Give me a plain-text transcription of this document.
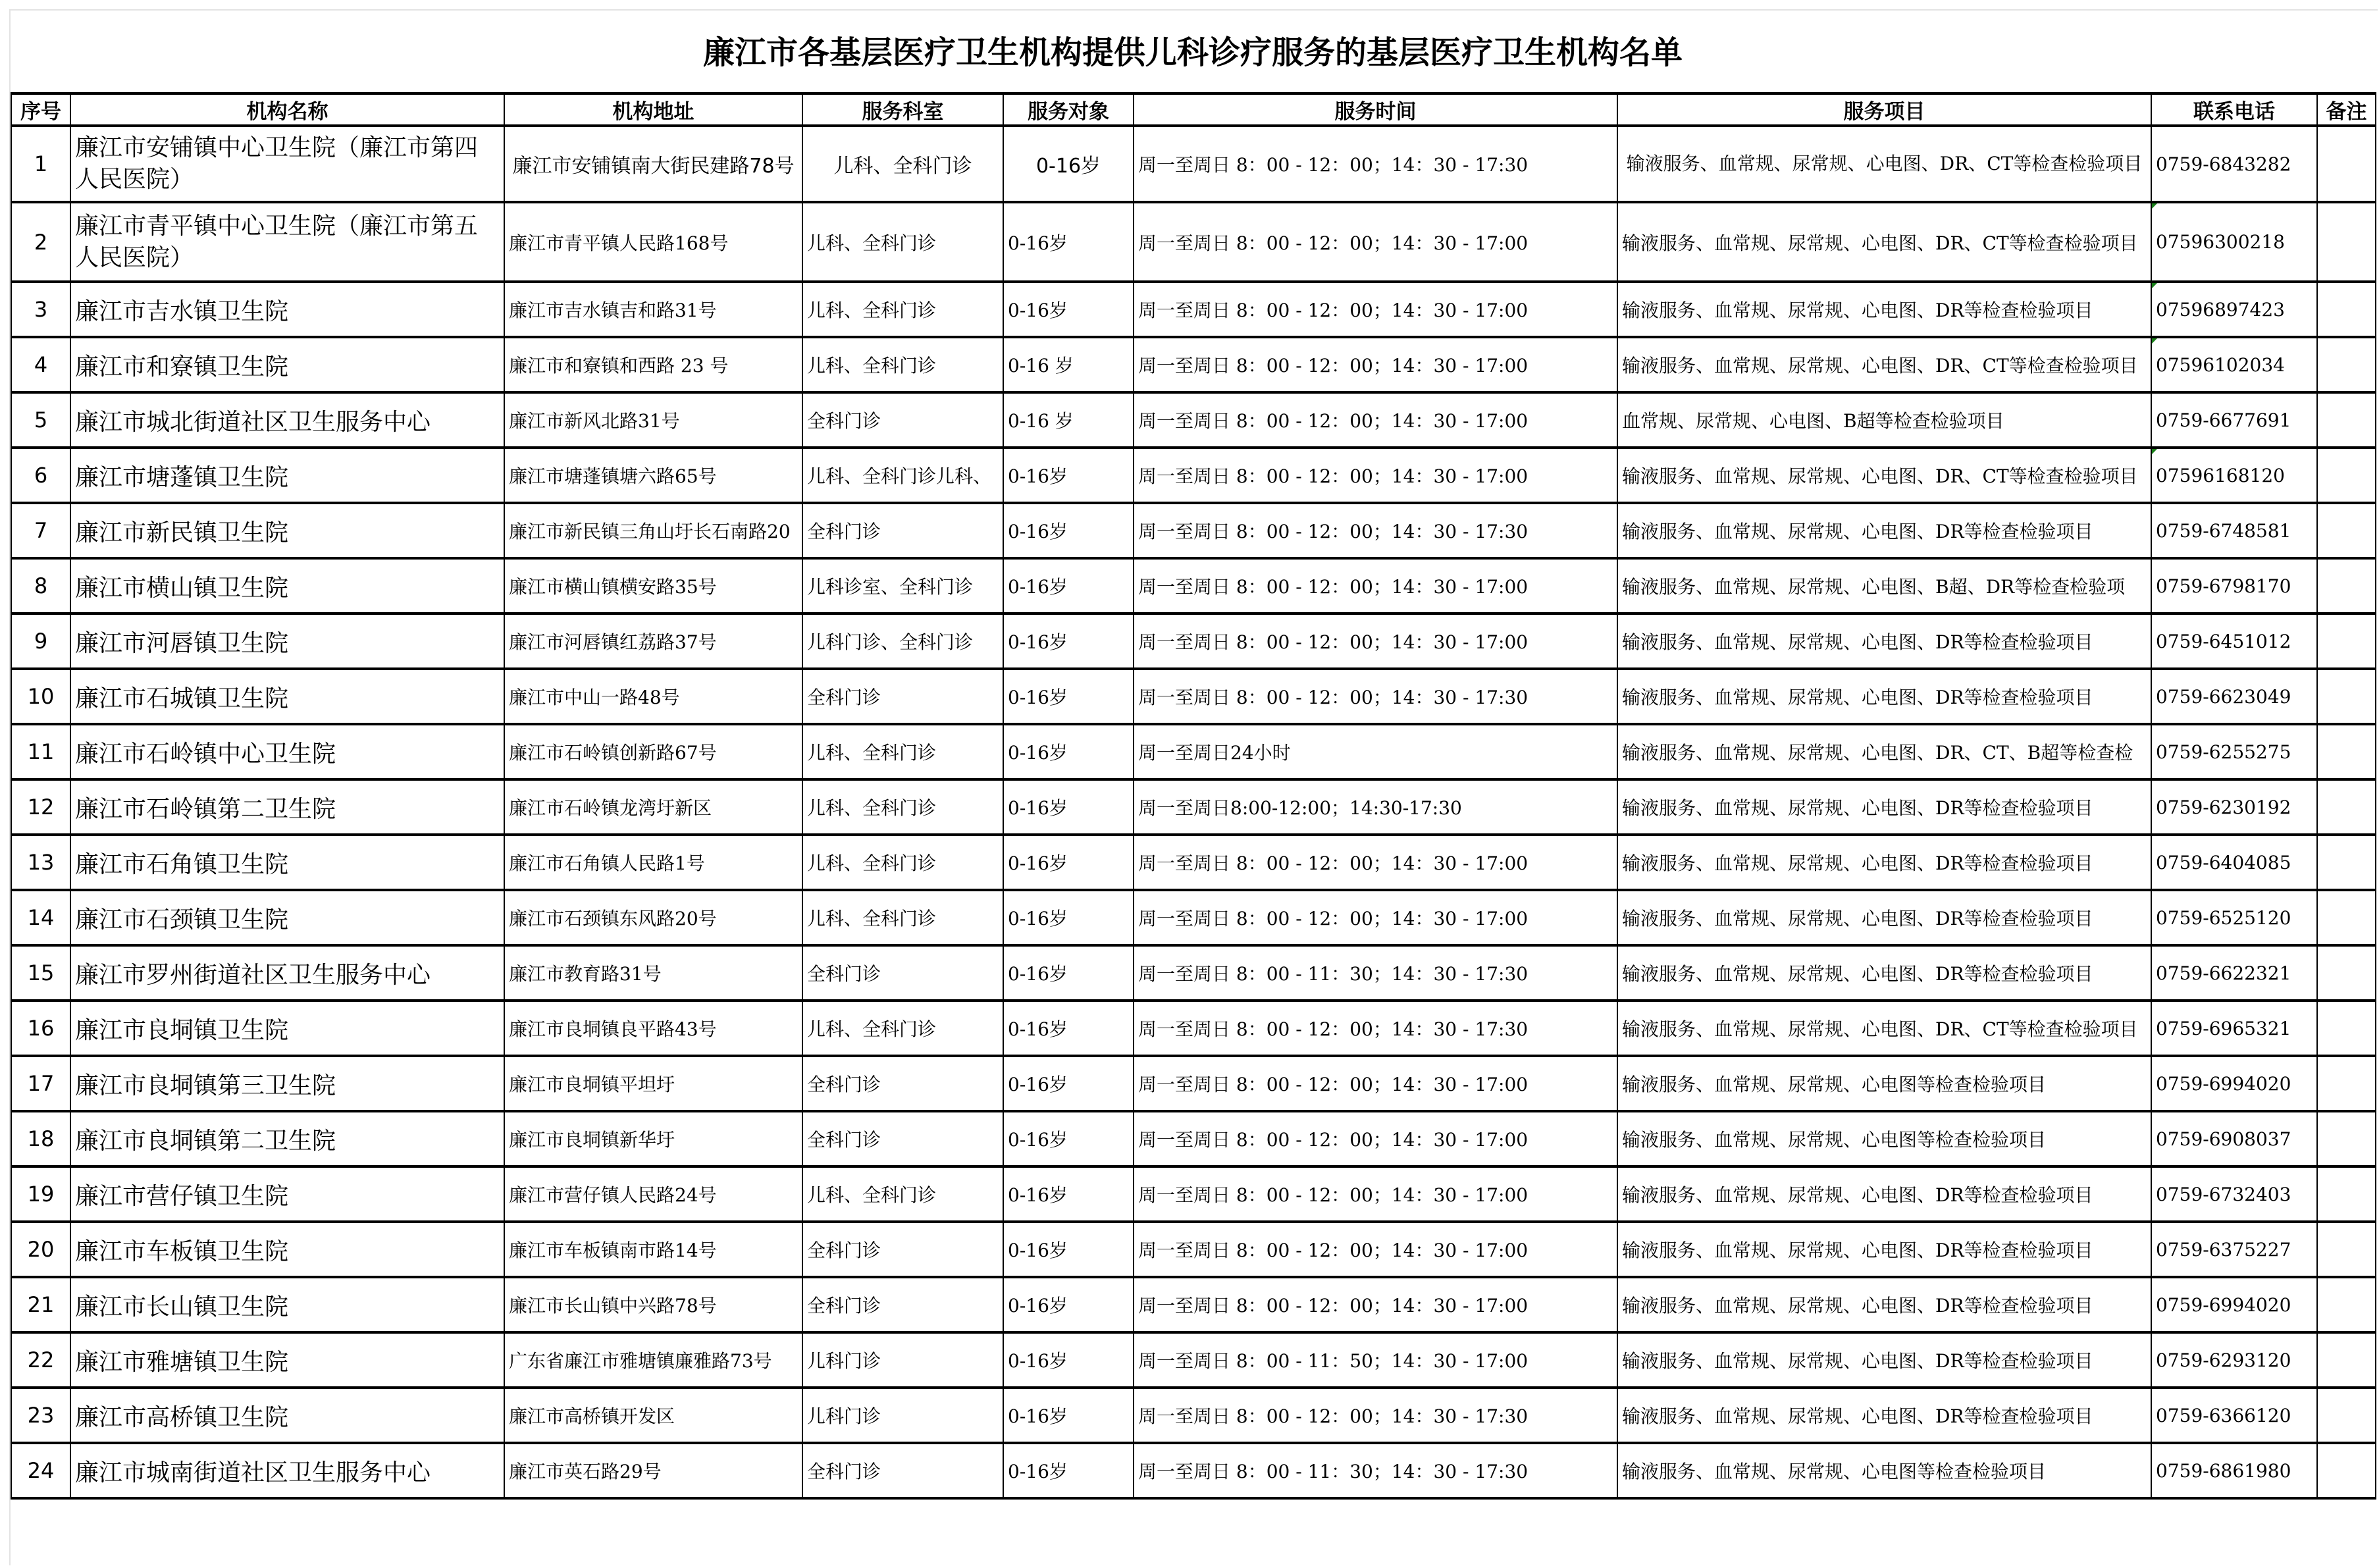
廉江市各基层医疗卫生机构提供儿科诊疗服务的基层医疗卫生机构名单
序号	机构名称	机构地址	服务科室	服务对象	服务时间	服务项目	联系电话	备注
1	廉江市安铺镇中心卫生院（廉江市第四人民医院）	廉江市安铺镇南大街民建路78号	儿科、全科门诊	0-16岁	周一至周日 8：00 - 12：00；14：30 - 17:30	输液服务、血常规、尿常规、心电图、DR、CT等检查检验项目	0759-6843282	
2	廉江市青平镇中心卫生院（廉江市第五人民医院）	廉江市青平镇人民路168号	儿科、全科门诊	0-16岁	周一至周日 8：00 - 12：00；14：30 - 17:00	输液服务、血常规、尿常规、心电图、DR、CT等检查检验项目	07596300218	
3	廉江市吉水镇卫生院	廉江市吉水镇吉和路31号	儿科、全科门诊	0-16岁	周一至周日 8：00 - 12：00；14：30 - 17:00	输液服务、血常规、尿常规、心电图、DR等检查检验项目	07596897423	
4	廉江市和寮镇卫生院	廉江市和寮镇和西路 23 号	儿科、全科门诊	0-16 岁	周一至周日 8：00 - 12：00；14：30 - 17:00	输液服务、血常规、尿常规、心电图、DR、CT等检查检验项目	07596102034	
5	廉江市城北街道社区卫生服务中心	廉江市新风北路31号	全科门诊	0-16 岁	周一至周日 8：00 - 12：00；14：30 - 17:00	血常规、尿常规、心电图、B超等检查检验项目	0759-6677691	
6	廉江市塘蓬镇卫生院	廉江市塘蓬镇塘六路65号	儿科、全科门诊儿科、	0-16岁	周一至周日 8：00 - 12：00；14：30 - 17:00	输液服务、血常规、尿常规、心电图、DR、CT等检查检验项目	07596168120	
7	廉江市新民镇卫生院	廉江市新民镇三角山圩长石南路20	全科门诊	0-16岁	周一至周日 8：00 - 12：00；14：30 - 17:30	输液服务、血常规、尿常规、心电图、DR等检查检验项目	0759-6748581	
8	廉江市横山镇卫生院	廉江市横山镇横安路35号	儿科诊室、全科门诊	0-16岁	周一至周日 8：00 - 12：00；14：30 - 17:00	输液服务、血常规、尿常规、心电图、B超、DR等检查检验项	0759-6798170	
9	廉江市河唇镇卫生院	廉江市河唇镇红荔路37号	儿科门诊、全科门诊	0-16岁	周一至周日 8：00 - 12：00；14：30 - 17:00	输液服务、血常规、尿常规、心电图、DR等检查检验项目	0759-6451012	
10	廉江市石城镇卫生院	廉江市中山一路48号	全科门诊	0-16岁	周一至周日 8：00 - 12：00；14：30 - 17:30	输液服务、血常规、尿常规、心电图、DR等检查检验项目	0759-6623049	
11	廉江市石岭镇中心卫生院	廉江市石岭镇创新路67号	儿科、全科门诊	0-16岁	周一至周日24小时	输液服务、血常规、尿常规、心电图、DR、CT、B超等检查检	0759-6255275	
12	廉江市石岭镇第二卫生院	廉江市石岭镇龙湾圩新区	儿科、全科门诊	0-16岁	周一至周日8:00-12:00；14:30-17:30	输液服务、血常规、尿常规、心电图、DR等检查检验项目	0759-6230192	
13	廉江市石角镇卫生院	廉江市石角镇人民路1号	儿科、全科门诊	0-16岁	周一至周日 8：00 - 12：00；14：30 - 17:00	输液服务、血常规、尿常规、心电图、DR等检查检验项目	0759-6404085	
14	廉江市石颈镇卫生院	廉江市石颈镇东风路20号	儿科、全科门诊	0-16岁	周一至周日 8：00 - 12：00；14：30 - 17:00	输液服务、血常规、尿常规、心电图、DR等检查检验项目	0759-6525120	
15	廉江市罗州街道社区卫生服务中心	廉江市教育路31号	全科门诊	0-16岁	周一至周日 8：00 - 11：30；14：30 - 17:30	输液服务、血常规、尿常规、心电图、DR等检查检验项目	0759-6622321	
16	廉江市良垌镇卫生院	廉江市良垌镇良平路43号	儿科、全科门诊	0-16岁	周一至周日 8：00 - 12：00；14：30 - 17:30	输液服务、血常规、尿常规、心电图、DR、CT等检查检验项目	0759-6965321	
17	廉江市良垌镇第三卫生院	廉江市良垌镇平坦圩	全科门诊	0-16岁	周一至周日 8：00 - 12：00；14：30 - 17:00	输液服务、血常规、尿常规、心电图等检查检验项目	0759-6994020	
18	廉江市良垌镇第二卫生院	廉江市良垌镇新华圩	全科门诊	0-16岁	周一至周日 8：00 - 12：00；14：30 - 17:00	输液服务、血常规、尿常规、心电图等检查检验项目	0759-6908037	
19	廉江市营仔镇卫生院	廉江市营仔镇人民路24号	儿科、全科门诊	0-16岁	周一至周日 8：00 - 12：00；14：30 - 17:00	输液服务、血常规、尿常规、心电图、DR等检查检验项目	0759-6732403	
20	廉江市车板镇卫生院	廉江市车板镇南市路14号	全科门诊	0-16岁	周一至周日 8：00 - 12：00；14：30 - 17:00	输液服务、血常规、尿常规、心电图、DR等检查检验项目	0759-6375227	
21	廉江市长山镇卫生院	廉江市长山镇中兴路78号	全科门诊	0-16岁	周一至周日 8：00 - 12：00；14：30 - 17:00	输液服务、血常规、尿常规、心电图、DR等检查检验项目	0759-6994020	
22	廉江市雅塘镇卫生院	广东省廉江市雅塘镇廉雅路73号	儿科门诊	0-16岁	周一至周日 8：00 - 11：50；14：30 - 17:00	输液服务、血常规、尿常规、心电图、DR等检查检验项目	0759-6293120	
23	廉江市高桥镇卫生院	廉江市高桥镇开发区	儿科门诊	0-16岁	周一至周日 8：00 - 12：00；14：30 - 17:30	输液服务、血常规、尿常规、心电图、DR等检查检验项目	0759-6366120	
24	廉江市城南街道社区卫生服务中心	廉江市英石路29号	全科门诊	0-16岁	周一至周日 8：00 - 11：30；14：30 - 17:30	输液服务、血常规、尿常规、心电图等检查检验项目	0759-6861980	
